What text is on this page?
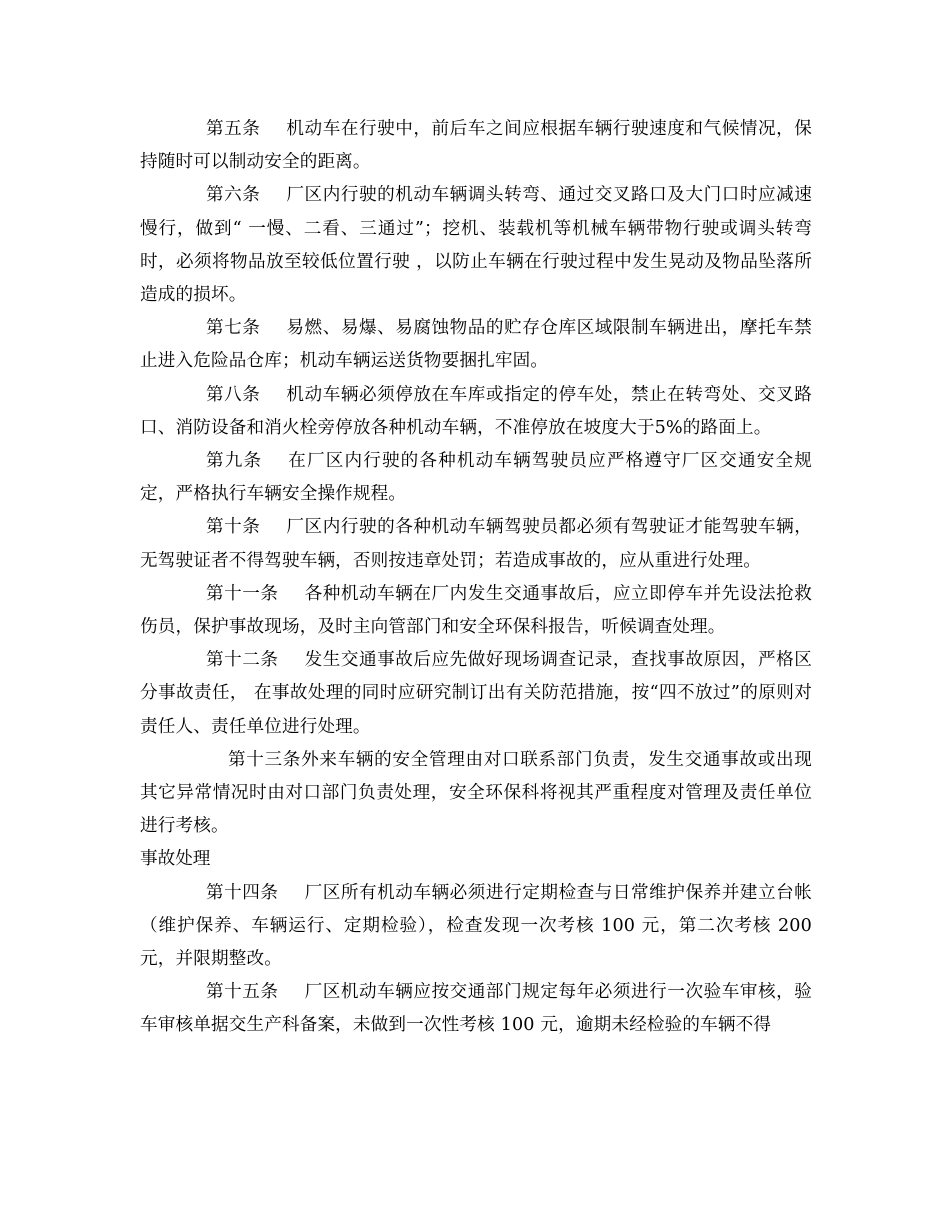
第五条 机动车在行驶中，前后车之间应根据车辆行驶速度和气候情况，保持随时可以制动安全的距离。

第六条 厂区内行驶的机动车辆调头转弯、通过交叉路口及大门口时应减速慢行，做到“ 一慢、二看、三通过”；挖机、装载机等机械车辆带物行驶或调头转弯时，必须将物品放至较低位置行驶 ，以防止车辆在行驶过程中发生晃动及物品坠落所造成的损坏。

第七条 易燃、易爆、易腐蚀物品的贮存仓库区域限制车辆进出，摩托车禁止进入危险品仓库；机动车辆运送货物要捆扎牢固。

第八条 机动车辆必须停放在车库或指定的停车处，禁止在转弯处、交叉路口、消防设备和消火栓旁停放各种机动车辆，不准停放在坡度大于5%的路面上。

第九条 在厂区内行驶的各种机动车辆驾驶员应严格遵守厂区交通安全规定，严格执行车辆安全操作规程。

第十条 厂区内行驶的各种机动车辆驾驶员都必须有驾驶证才能驾驶车辆，无驾驶证者不得驾驶车辆，否则按违章处罚；若造成事故的，应从重进行处理。

第十一条 各种机动车辆在厂内发生交通事故后，应立即停车并先设法抢救伤员，保护事故现场，及时主向管部门和安全环保科报告，听候调查处理。

第十二条 发生交通事故后应先做好现场调查记录，查找事故原因，严格区分事故责任， 在事故处理的同时应研究制订出有关防范措施，按“四不放过”的原则对责任人、责任单位进行处理。

第十三条外来车辆的安全管理由对口联系部门负责，发生交通事故或出现其它异常情况时由对口部门负责处理，安全环保科将视其严重程度对管理及责任单位进行考核。

事故处理

第十四条 厂区所有机动车辆必须进行定期检查与日常维护保养并建立台帐（维护保养、车辆运行、定期检验），检查发现一次考核 100 元，第二次考核 200 元，并限期整改。

第十五条 厂区机动车辆应按交通部门规定每年必须进行一次验车审核，验车审核单据交生产科备案，未做到一次性考核 100 元，逾期未经检验的车辆不得
